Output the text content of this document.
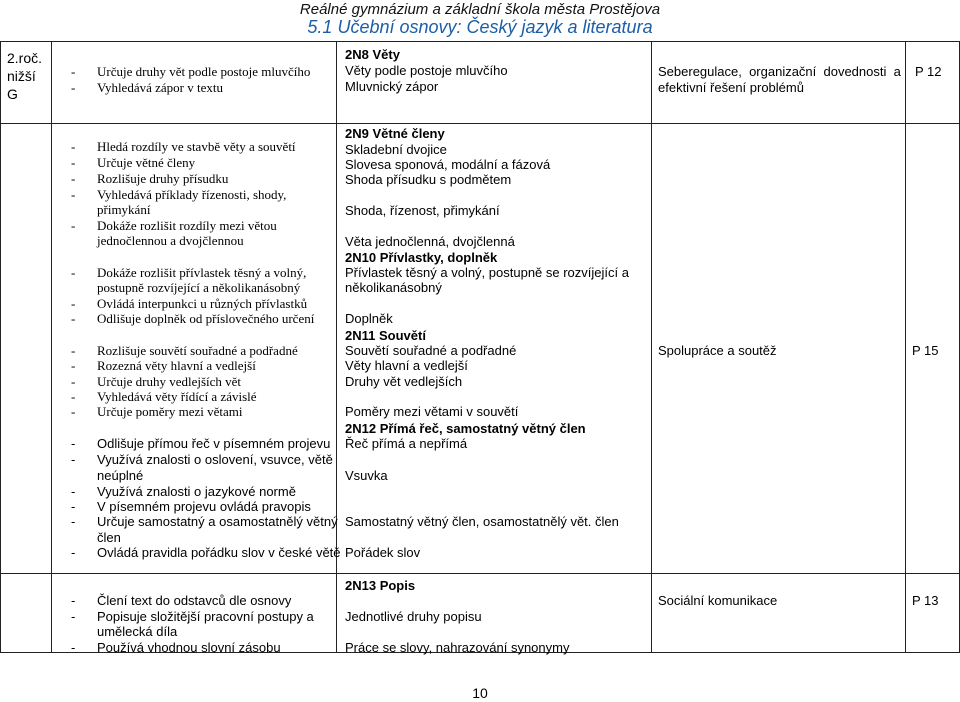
Reálné gymnázium a základní škola města Prostějova
5.1 Učební osnovy: Český jazyk a literatura
2.roč.
nižší
G
- Určuje druhy vět podle postoje mluvčího
- Vyhledává zápor v textu
2N8 Věty
Věty podle postoje mluvčího
Mluvnický zápor
Seberegulace,  organizační  dovednosti  a
efektivní řešení problémů
P 12
- Hledá rozdíly ve stavbě věty a souvětí
- Určuje větné členy
- Rozlišuje druhy přísudku
- Vyhledává příklady řízenosti, shody,
přimykání
- Dokáže rozlišit rozdíly mezi větou
jednočlennou a dvojčlennou
- Dokáže rozlišit přívlastek těsný a volný,
postupně rozvíjející a několikanásobný
- Ovládá interpunkci u různých přívlastků
- Odlišuje doplněk od příslovečného určení
- Rozlišuje souvětí souřadné a podřadné
- Rozezná věty hlavní a vedlejší
- Určuje druhy vedlejších vět
- Vyhledává věty řídící a závislé
- Určuje poměry mezi větami
- Odlišuje přímou řeč v písemném projevu
- Využívá znalosti o oslovení, vsuvce, větě
neúplné
- Využívá znalosti o jazykové normě
- V písemném projevu ovládá pravopis
- Určuje samostatný a osamostatnělý větný
člen
- Ovládá pravidla pořádku slov v české větě
2N9 Větné členy
Skladební dvojice
Slovesa sponová, modální a fázová
Shoda přísudku s podmětem
Shoda, řízenost, přimykání
Věta jednočlenná, dvojčlenná
2N10 Přívlastky, doplněk
Přívlastek těsný a volný, postupně se rozvíjející a
několikanásobný
Doplněk
2N11 Souvětí
Souvětí souřadné a podřadné
Věty hlavní a vedlejší
Druhy vět vedlejších
Poměry mezi větami v souvětí
2N12 Přímá řeč, samostatný větný člen
Řeč přímá a nepřímá
Vsuvka
Samostatný větný člen, osamostatnělý vět. člen
Pořádek slov
Spolupráce a soutěž	P 15
- Člení text do odstavců dle osnovy
- Popisuje složitější pracovní postupy a
umělecká díla
- Používá vhodnou slovní zásobu
2N13 Popis
Jednotlivé druhy popisu
Práce se slovy, nahrazování synonymy
Sociální komunikace	P 13
10
